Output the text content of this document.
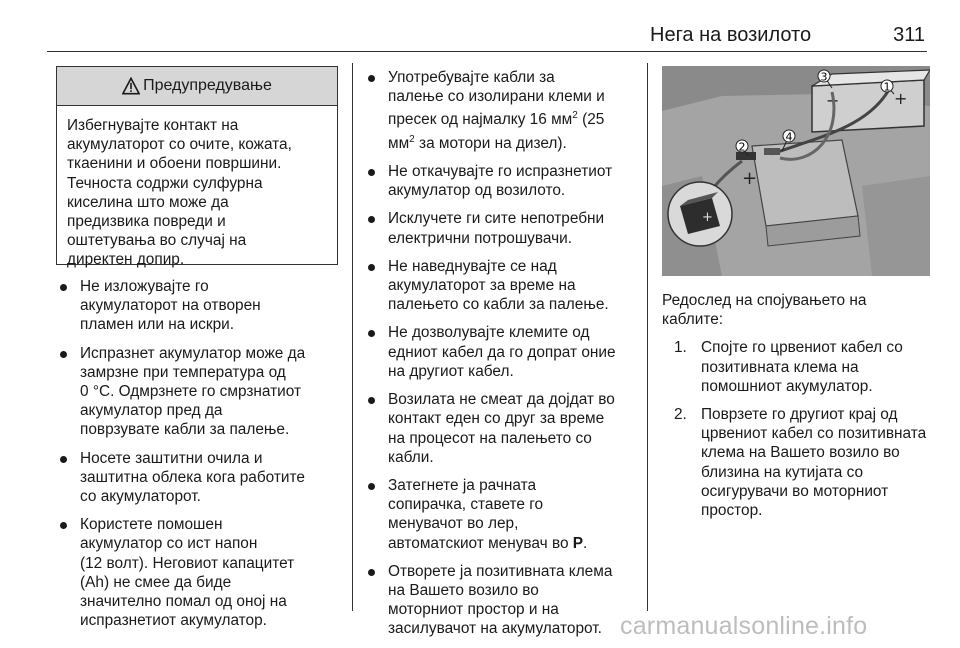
Нега на возилото	311
Предупредување
Избегнувајте контакт на
акумулаторот со очите, кожата,
ткаенини и обоени површини.
Течноста содржи сулфурна
киселина што може да
предизвика повреди и
оштетувања во случај на
директен допир.
Не изложувајте го
акумулаторот на отворен
пламен или на искри.
Испразнет акумулатор може да
замрзне при температура од
0 °C. Одмрзнете го смрзнатиот
акумулатор пред да
поврзувате кабли за палење.
Носете заштитни очила и
заштитна облека кога работите
со акумулаторот.
Користете помошен
акумулатор со ист напон
(12 волт). Неговиот капацитет
(Ah) не смее да биде
значително помал од оној на
испразнетиот акумулатор.
Употребувајте кабли за
палење со изолирани клеми и
пресек од најмалку 16 $мм^2$ (25
$мм^2$ за мотори на дизел).
Не откачувајте го испразнетиот
акумулатор од возилото.
Исклучете ги сите непотребни
електрични потрошувачи.
Не наведнувајте се над
акумулаторот за време на
палењето со кабли за палење.
Не дозволувајте клемите од
едниот кабел да го допрат оние
на другиот кабел.
Возилата не смеат да дојдат во
контакт еден со друг за време
на процесот на палењето со
кабли.
Затегнете ја рачната
сопирачка, ставете го
менувачот во лер,
автоматскиот менувач во P.
Отворете ја позитивната клема
на Вашето возило во
моторниот простор и на
засилувачот на акумулаторот.
+
−
+
+
1
2
3
4
Редослед на спојувањето на
каблите:
1. Спојте го црвениот кабел со
позитивната клема на
помошниот акумулатор.
2. Поврзете го другиот крај од
црвениот кабел со позитивната
клема на Вашето возило во
близина на кутијата со
осигурувачи во моторниот
простор.
carmanualsonline.info
